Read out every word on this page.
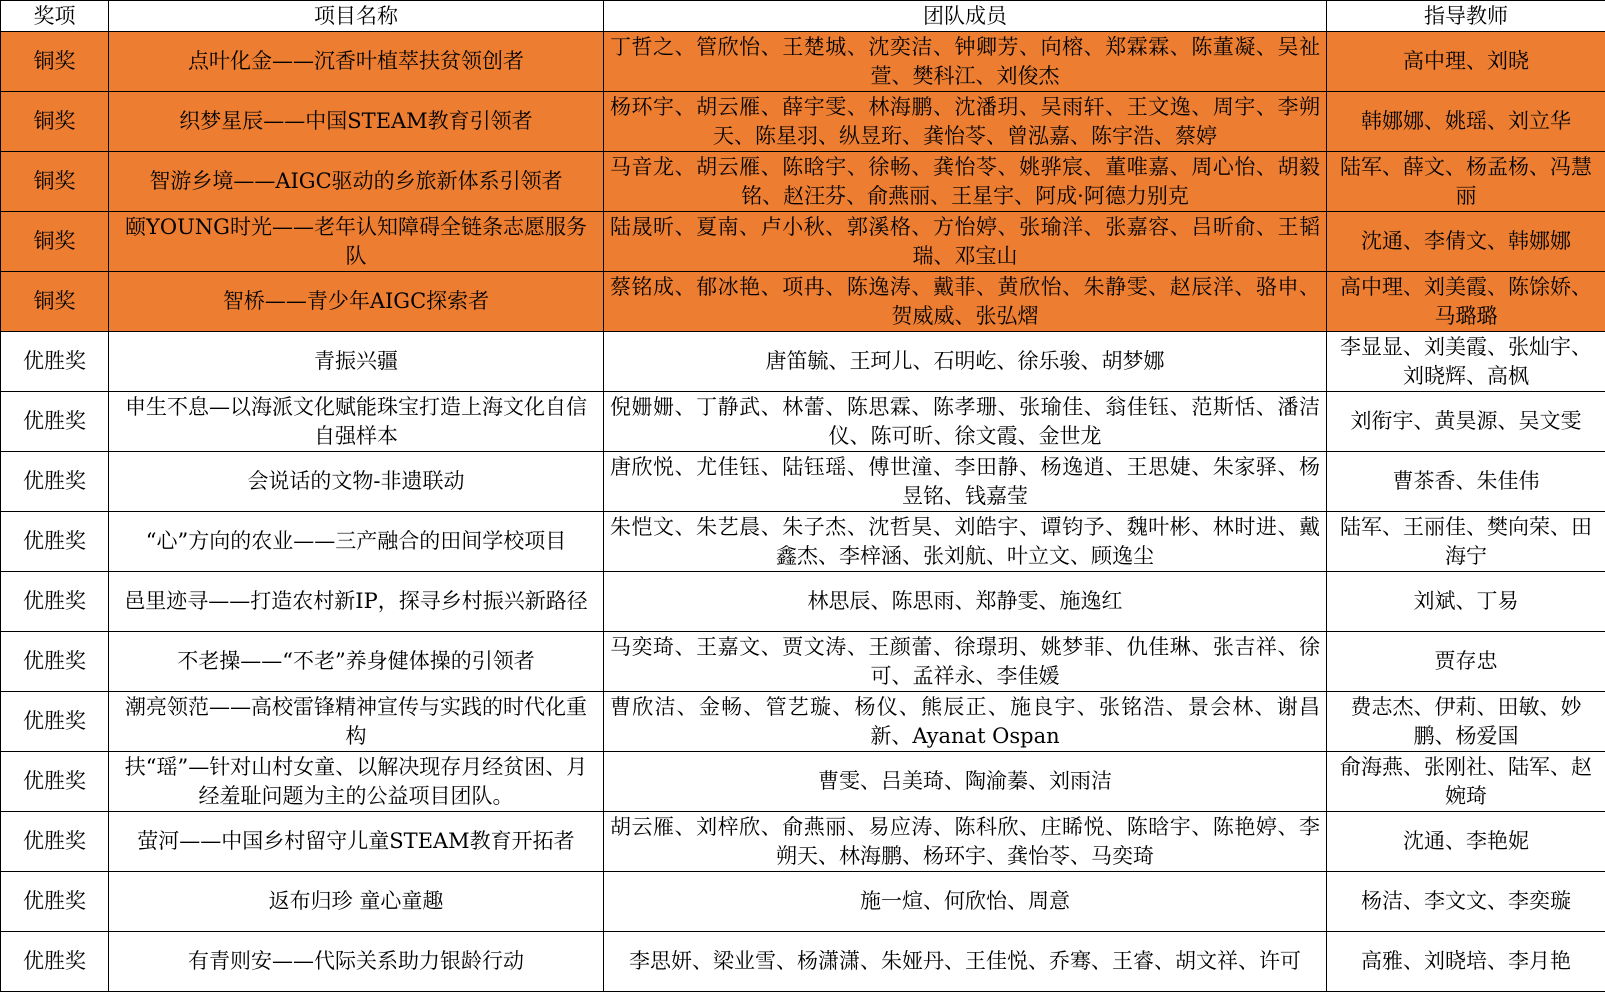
奖项	项目名称	团队成员	指导教师
铜奖	点叶化金——沉香叶植萃扶贫领创者	丁哲之、管欣怡、王楚城、沈奕洁、钟卿芳、向榕、郑霖霖、陈董凝、吴祉萱、樊科江、刘俊杰	高中理、刘晓
铜奖	织梦星辰——中国STEAM教育引领者	杨环宇、胡云雁、薛宇雯、林海鹏、沈潘玥、吴雨轩、王文逸、周宇、李朔天、陈星羽、纵昱珩、龚怡苓、曾泓嘉、陈宇浩、蔡婷	韩娜娜、姚瑶、刘立华
铜奖	智游乡境——AIGC驱动的乡旅新体系引领者	马音龙、胡云雁、陈晗宇、徐畅、龚怡苓、姚骅宸、董唯嘉、周心怡、胡毅铭、赵汪芬、俞燕丽、王星宇、阿成·阿德力别克	陆军、薛文、杨孟杨、冯慧丽
铜奖	颐YOUNG时光——老年认知障碍全链条志愿服务队	陆晟昕、夏南、卢小秋、郭溪格、方怡婷、张瑜洋、张嘉容、吕昕俞、王韬瑞、邓宝山	沈通、李倩文、韩娜娜
铜奖	智桥——青少年AIGC探索者	蔡铭成、郁冰艳、项冉、陈逸涛、戴菲、黄欣怡、朱静雯、赵辰洋、骆申、贺威威、张弘熠	高中理、刘美霞、陈馀娇、马璐璐
优胜奖	青振兴疆	唐笛毓、王珂儿、石明屹、徐乐骏、胡梦娜	李显显、刘美霞、张灿宇、刘晓辉、高枫
优胜奖	申生不息—以海派文化赋能珠宝打造上海文化自信自强样本	倪姗姗、丁静武、林蕾、陈思霖、陈孝珊、张瑜佳、翁佳钰、范斯恬、潘洁仪、陈可昕、徐文霞、金世龙	刘衔宇、黄昊源、吴文雯
优胜奖	会说话的文物-非遗联动	唐欣悦、尤佳钰、陆钰瑶、傅世潼、李田静、杨逸逍、王思婕、朱家驿、杨昱铭、钱嘉莹	曹茶香、朱佳伟
优胜奖	“心”方向的农业——三产融合的田间学校项目	朱恺文、朱艺晨、朱子杰、沈哲昊、刘皓宇、谭钧予、魏叶彬、林时进、戴鑫杰、李梓涵、张刘航、叶立文、顾逸尘	陆军、王丽佳、樊向荣、田海宁
优胜奖	邑里迹寻——打造农村新IP，探寻乡村振兴新路径	林思辰、陈思雨、郑静雯、施逸红	刘斌、丁易
优胜奖	不老操——“不老”养身健体操的引领者	马奕琦、王嘉文、贾文涛、王颜蕾、徐璟玥、姚梦菲、仇佳琳、张吉祥、徐可、孟祥永、李佳媛	贾存忠
优胜奖	潮亮领范——高校雷锋精神宣传与实践的时代化重构	曹欣洁、金畅、管艺璇、杨仪、熊辰正、施良宇、张铭浩、景会林、谢昌新、Ayanat Ospan	费志杰、伊莉、田敏、妙鹏、杨爱国
优胜奖	扶“瑶”—针对山村女童、以解决现存月经贫困、月经羞耻问题为主的公益项目团队。	曹雯、吕美琦、陶渝蓁、刘雨洁	俞海燕、张刚社、陆军、赵婉琦
优胜奖	萤河——中国乡村留守儿童STEAM教育开拓者	胡云雁、刘梓欣、俞燕丽、易应涛、陈科欣、庄睎悦、陈晗宇、陈艳婷、李朔天、林海鹏、杨环宇、龚怡苓、马奕琦	沈通、李艳妮
优胜奖	返布归珍 童心童趣	施一煊、何欣怡、周意	杨洁、李文文、李奕璇
优胜奖	有青则安——代际关系助力银龄行动	李思妍、梁业雪、杨潇潇、朱娅丹、王佳悦、乔骞、王睿、胡文祥、许可	高雅、刘晓培、李月艳
